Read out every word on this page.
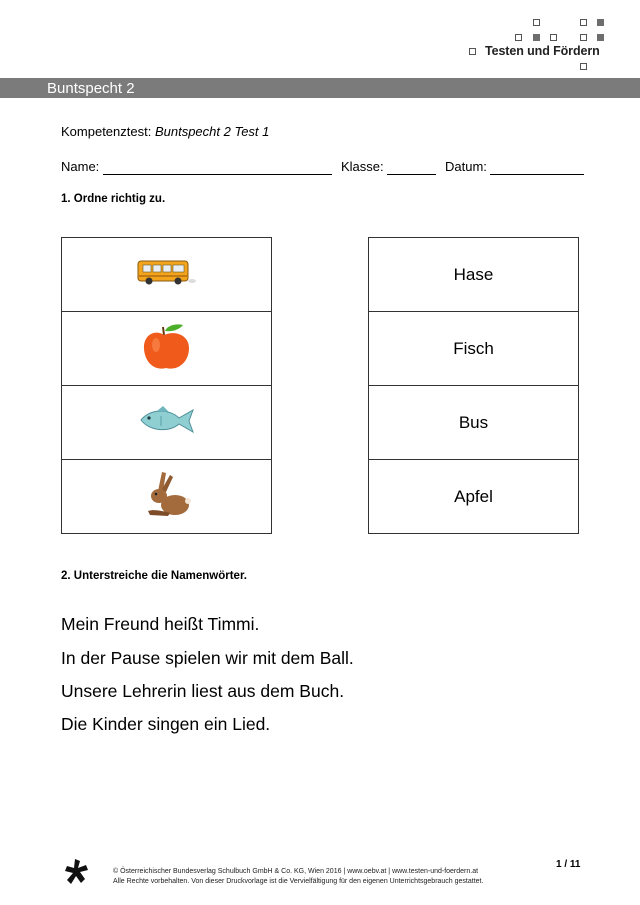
Testen und Fördern
Buntspecht 2
Kompetenztest: Buntspecht 2 Test 1
Name:	Klasse:	Datum:
1. Ordne richtig zu.

Hase
Fisch
Bus
Apfel
2. Unterstreiche die Namenwörter.
Mein Freund heißt Timmi.
In der Pause spielen wir mit dem Ball.
Unsere Lehrerin liest aus dem Buch.
Die Kinder singen ein Lied.
© Österreichischer Bundesverlag Schulbuch GmbH & Co. KG, Wien 2016 | www.oebv.at | www.testen-und-foerdern.at
Alle Rechte vorbehalten. Von dieser Druckvorlage ist die Vervielfältigung für den eigenen Unterrichtsgebrauch gestattet.
1 / 11
